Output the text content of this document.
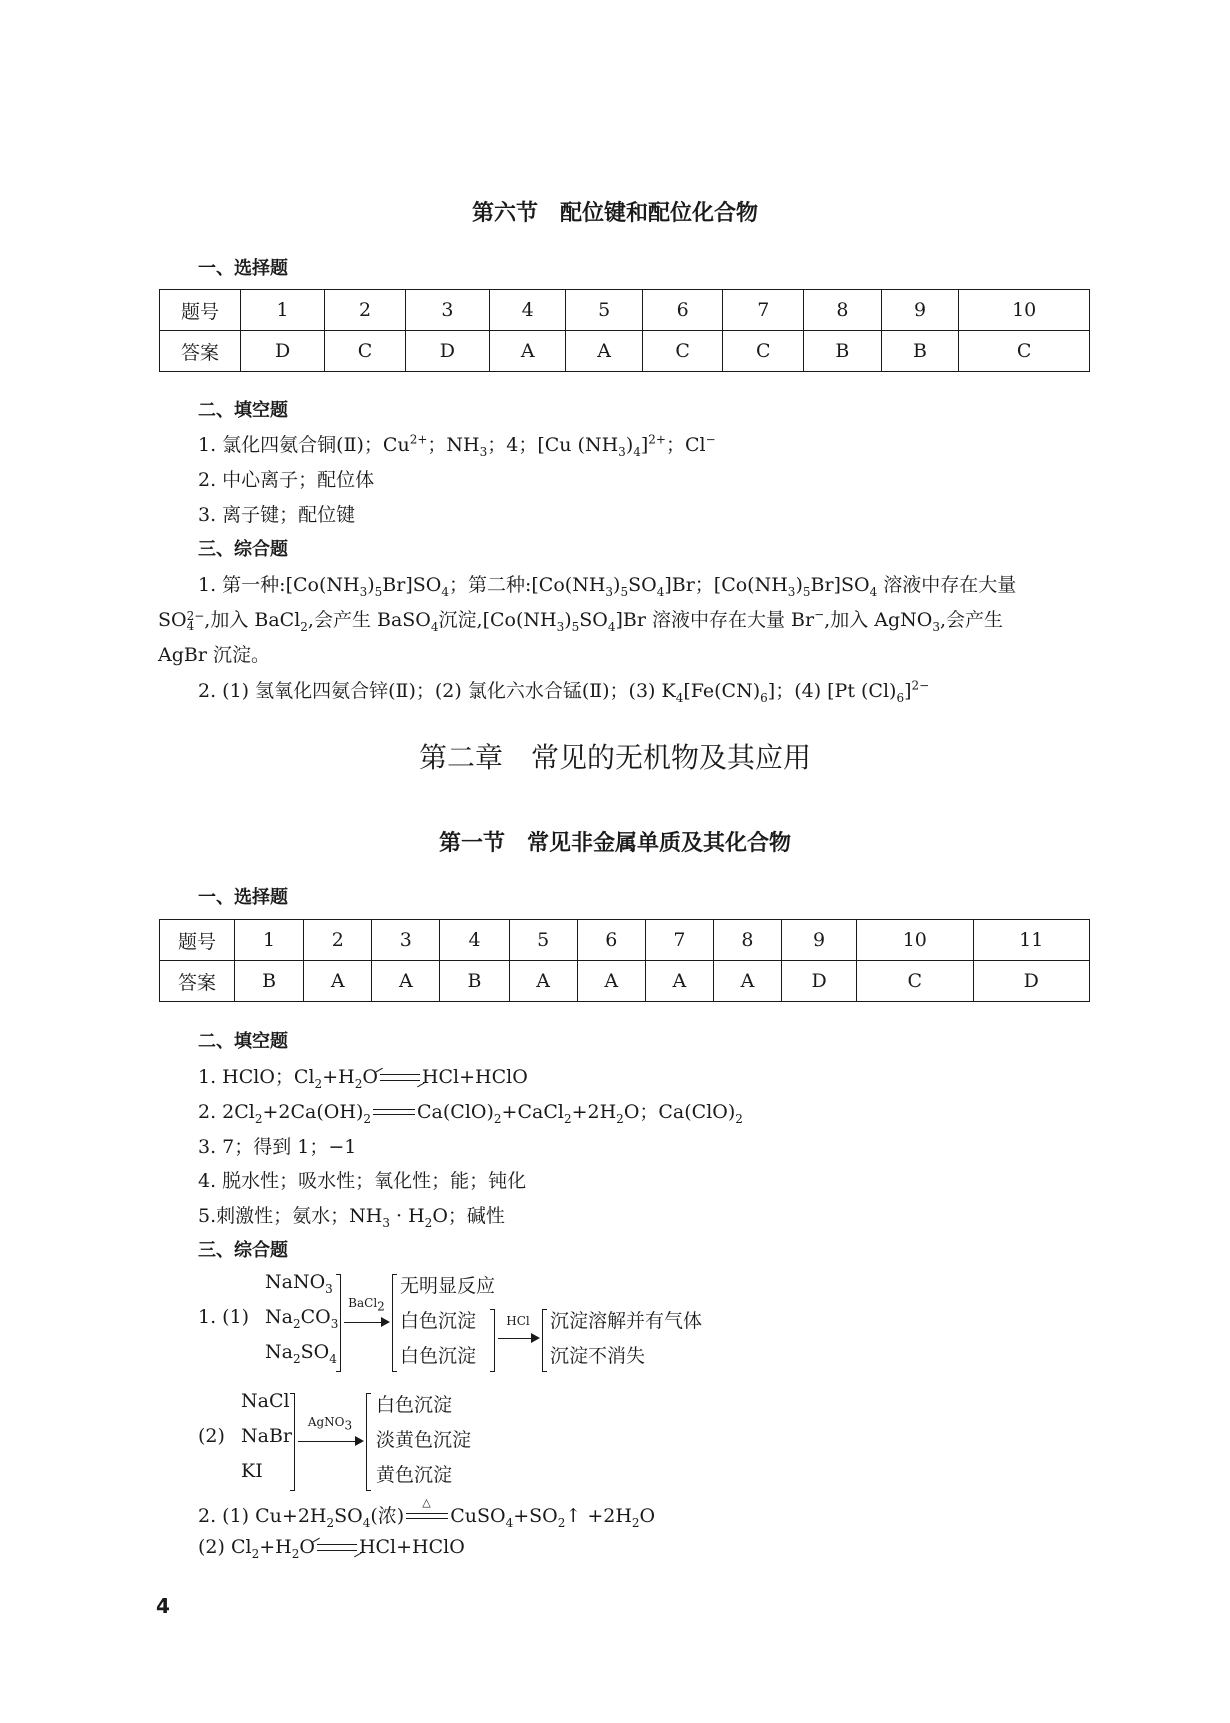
第六节　配位键和配位化合物
一、选择题
题号	1	2	3	4	5	6	7	8	9	10
答案	D	C	D	A	A	C	C	B	B	C
二、填空题
1. 氯化四氨合铜(Ⅱ)；$Cu^{2+}$；$NH_3$；4；[Cu $(NH_3)_4]^{2+}$；Cl−
2. 中心离子；配位体
3. 离子键；配位键
三、综合题
1. 第一种$:[Co(NH_3)_5Br]SO_4$；第二种$:[Co(NH_3)_5SO_4]Br$；$[Co(NH_3)_5Br]SO_4$ 溶液中存在大量
SO 2−
4 ,加入 BaCl$_2$,会产生 BaSO$_4$沉淀$,[Co(NH_3)_5SO_4]Br$ 溶液中存在大量 Br−,加入 AgNO$_3$,会产生
AgBr 沉淀。
2. (1) 氢氧化四氨合锌(Ⅱ)；(2) 氯化六水合锰(Ⅱ)；(3) $K_4[Fe(CN)_6]$；(4) [Pt $(Cl)_6]^{2-}$
第二章　常见的无机物及其应用
第一节　常见非金属单质及其化合物
一、选择题
题号	1	2	3	4	5	6	7	8	9	10	11
答案	B	A	A	B	A	A	A	A	D	C	D
二、填空题
1. HClO；$Cl_2+H_2O$ HCl+HClO
2. $2Cl_2+2Ca(OH)_2$ $Ca(ClO)_2+CaCl_2+2H_2O$；$Ca(ClO)_2$
3. 7；得到 1；−1
4. 脱水性；吸水性；氧化性；能；钝化
5.刺激性；氨水；$NH_3 \cdot H_2O$；碱性
三、综合题
1. (1)
NaNO$_3$
$Na_2CO_3$
$Na_2SO_4$
BaCl$_2$
无明显反应
白色沉淀
白色沉淀
HCl	沉淀溶解并有气体
沉淀不消失
(2)
NaCl
NaBr
KI
AgNO$_3$
白色沉淀
淡黄色沉淀
黄色沉淀
2. (1) $Cu+2H_2SO_4$(浓)
△
$CuSO_4+SO_2↑ +2H_2O$
(2) $Cl_2+H_2O$ HCl+HClO
4
